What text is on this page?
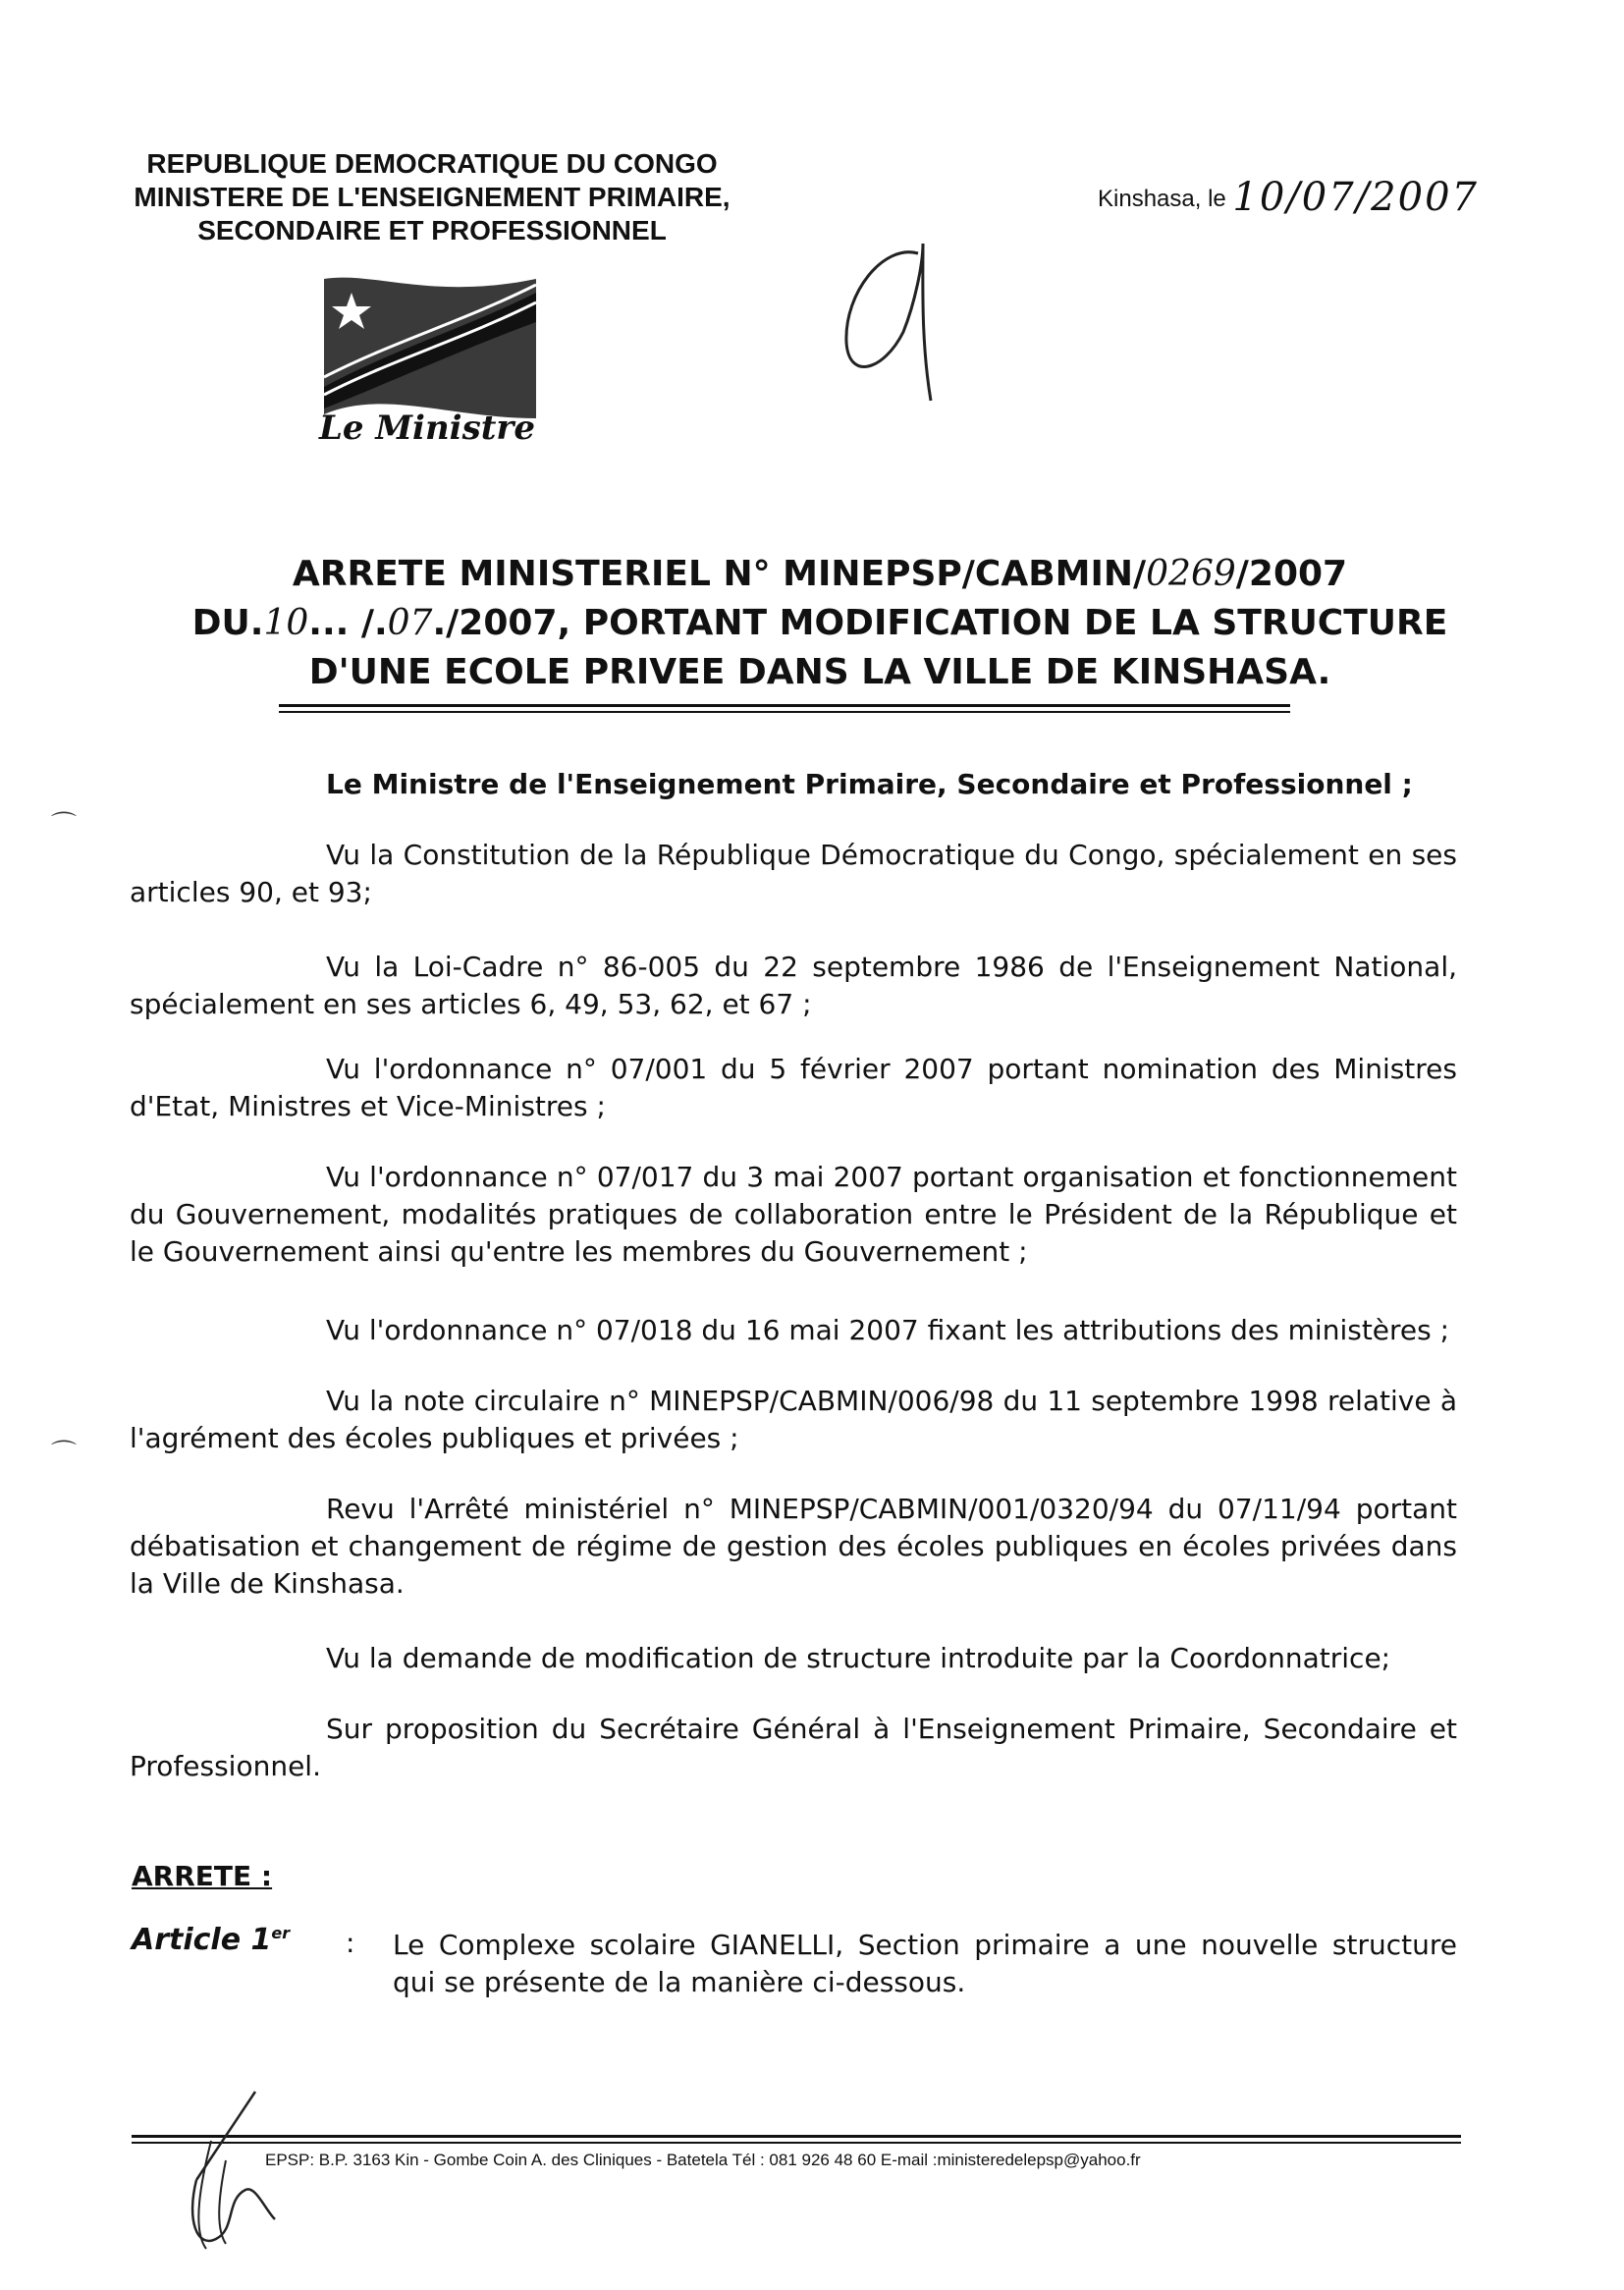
REPUBLIQUE DEMOCRATIQUE DU CONGO
MINISTERE DE L'ENSEIGNEMENT PRIMAIRE,
SECONDAIRE ET PROFESSIONNEL
Le Ministre
Kinshasa, le 10/07/2007
ARRETE MINISTERIEL N° MINEPSP/CABMIN/0269/2007
DU.10... /.07./2007, PORTANT MODIFICATION DE LA STRUCTURE
D'UNE ECOLE PRIVEE DANS LA VILLE DE KINSHASA.
Le Ministre de l'Enseignement Primaire, Secondaire et Professionnel ;
Vu la Constitution de la République Démocratique du Congo, spécialement en ses articles 90, et 93;
Vu la Loi-Cadre n° 86-005 du 22 septembre 1986 de l'Enseignement National, spécialement en ses articles 6, 49, 53, 62, et 67 ;
Vu l'ordonnance n° 07/001 du 5 février 2007 portant nomination des Ministres d'Etat, Ministres et Vice-Ministres ;
Vu l'ordonnance n° 07/017 du 3 mai 2007 portant organisation et fonctionnement du Gouvernement, modalités pratiques de collaboration entre le Président de la République et le Gouvernement ainsi qu'entre les membres du Gouvernement ;
Vu l'ordonnance n° 07/018 du 16 mai 2007 fixant les attributions des ministères ;
Vu la note circulaire n° MINEPSP/CABMIN/006/98 du 11 septembre 1998 relative à l'agrément des écoles publiques et privées ;
Revu l'Arrêté ministériel n° MINEPSP/CABMIN/001/0320/94 du 07/11/94 portant débatisation et changement de régime de gestion des écoles publiques en écoles privées dans la Ville de Kinshasa.
Vu la demande de modification de structure introduite par la Coordonnatrice;
Sur proposition du Secrétaire Général à l'Enseignement Primaire, Secondaire et Professionnel.
⌒
⌒
ARRETE :
Article 1er : Le Complexe scolaire GIANELLI, Section primaire a une nouvelle structure qui se présente de la manière ci-dessous.
EPSP: B.P. 3163 Kin - Gombe Coin A. des Cliniques - Batetela Tél : 081 926 48 60 E-mail :ministeredelepsp@yahoo.fr
